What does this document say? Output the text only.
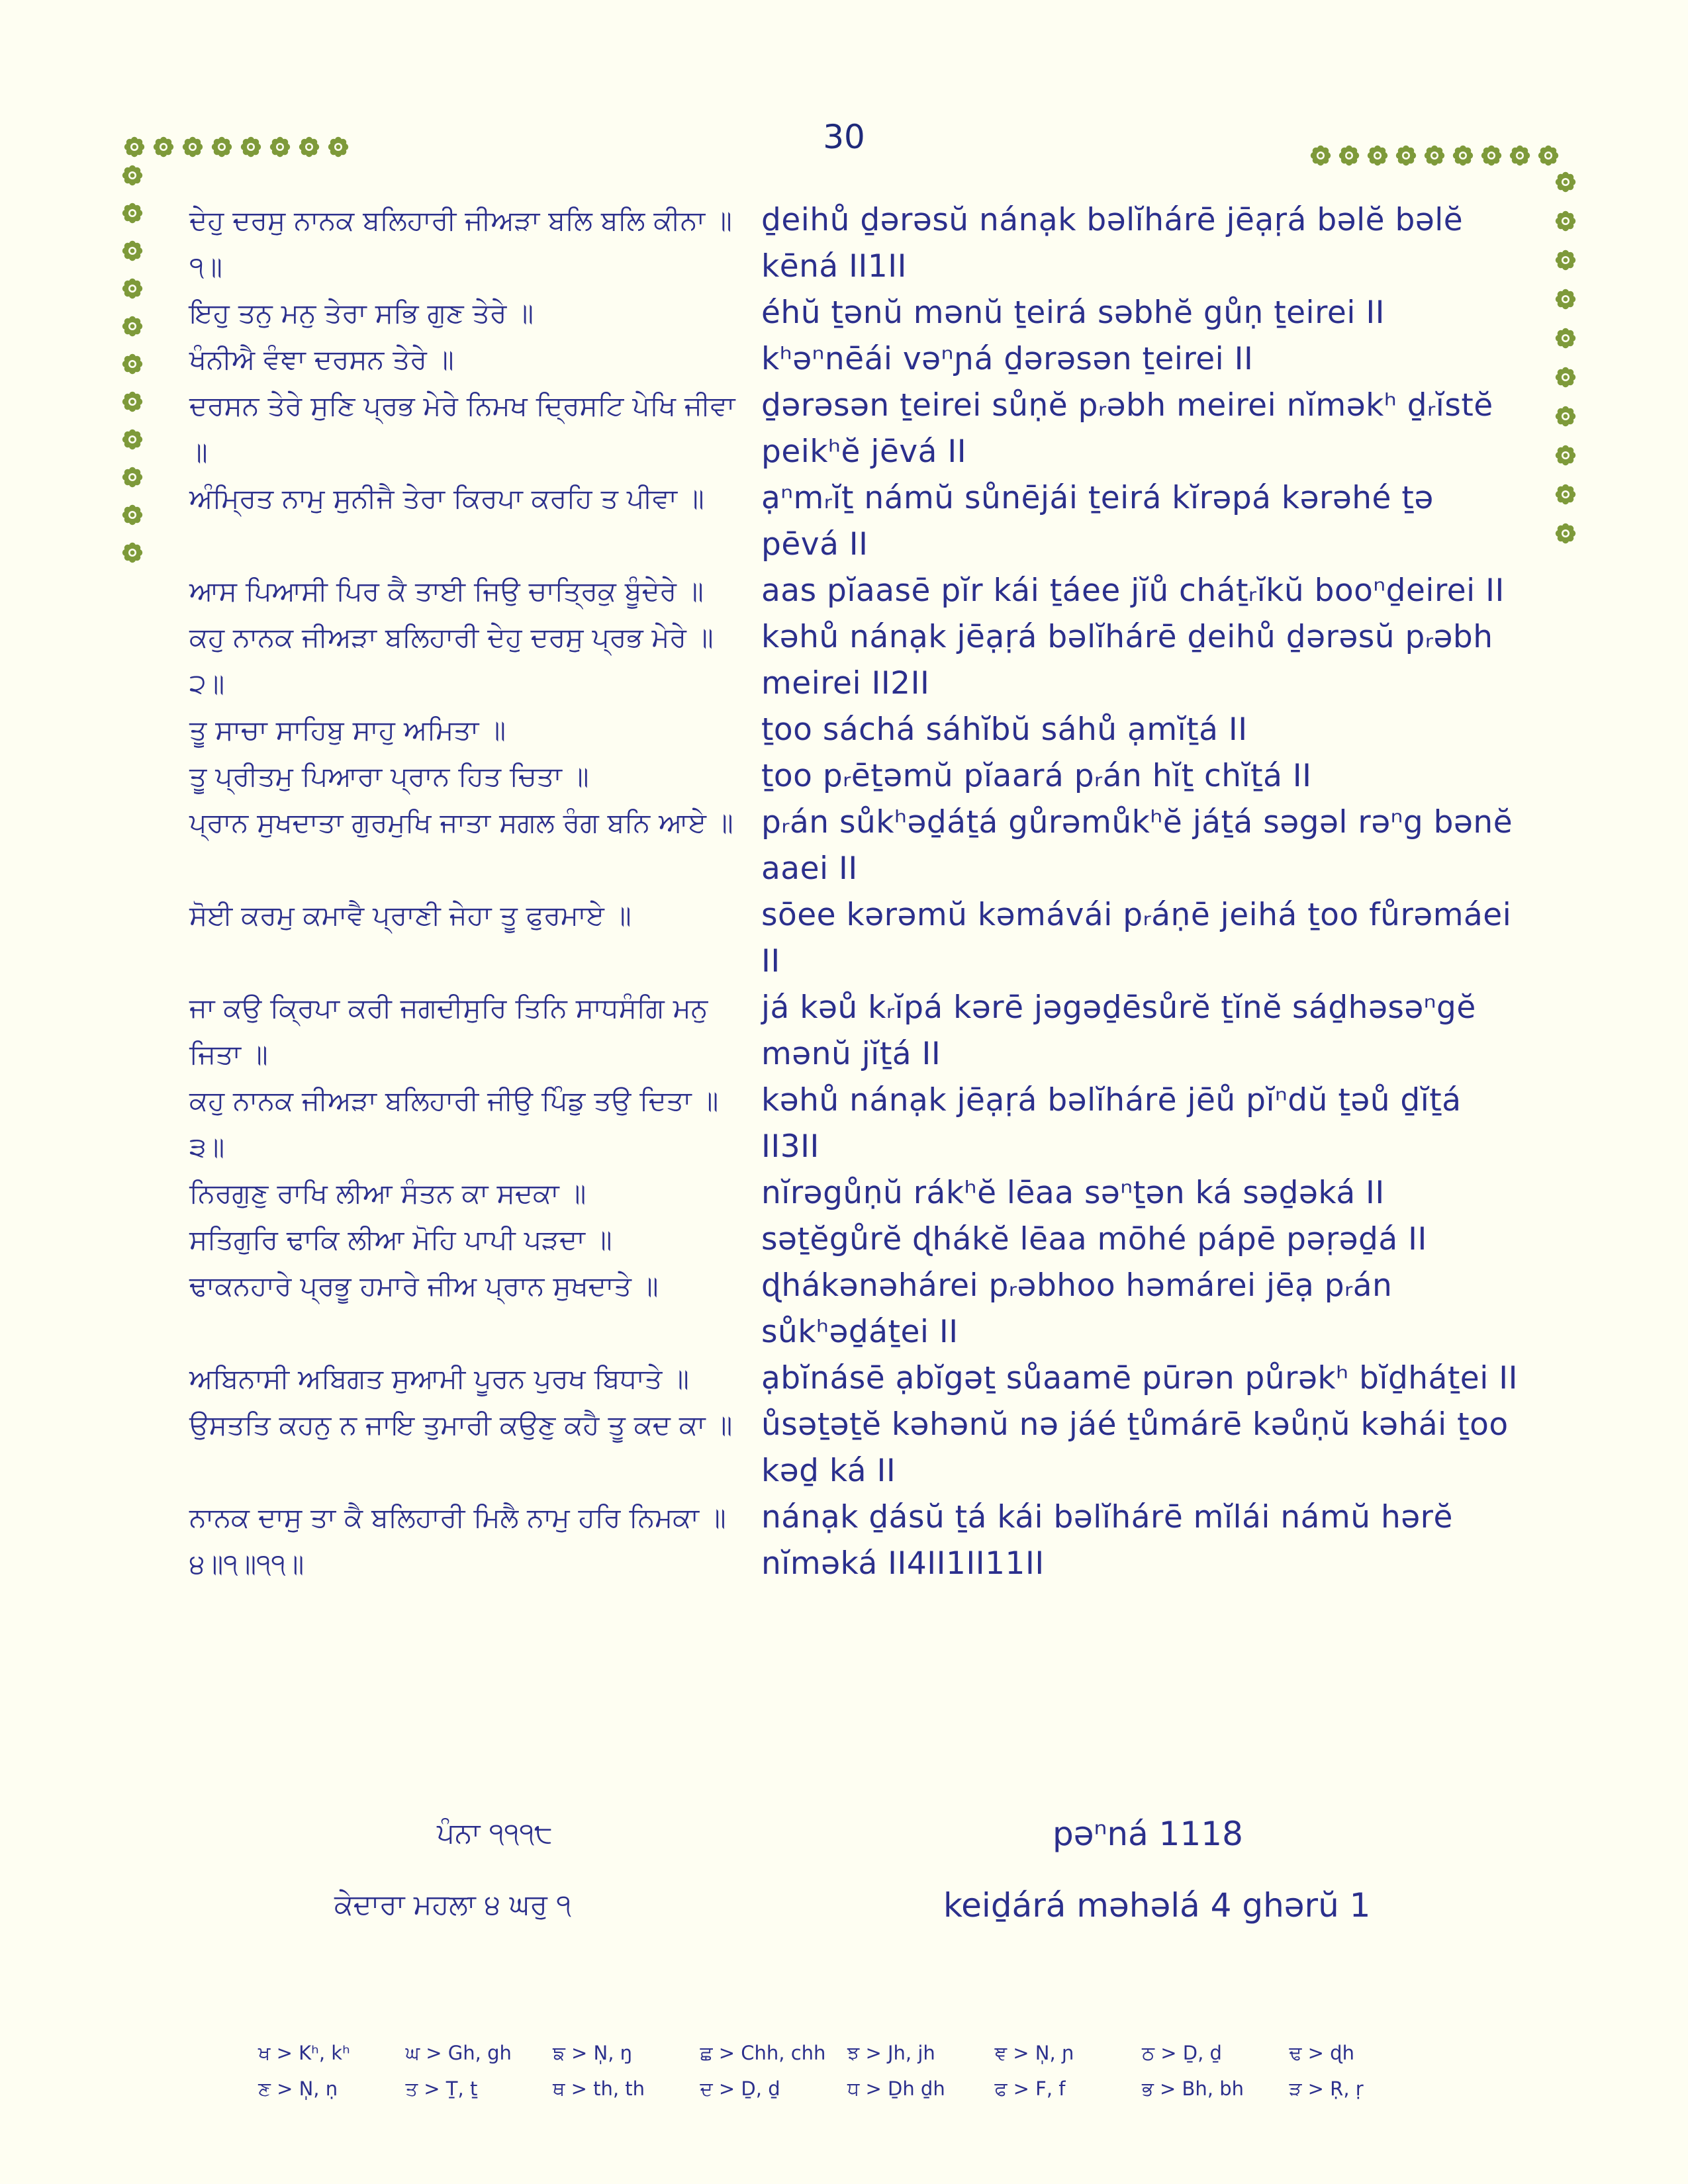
30
ਦੇਹੁ ਦਰਸੁ ਨਾਨਕ ਬਲਿਹਾਰੀ ਜੀਅੜਾ ਬਲਿ ਬਲਿ ਕੀਨਾ ॥੧॥
ḏeihů ḏərəsŭ nánạk bəlĭhárē jēạṛá bəlĕ bəlĕ kēná II1II
ਇਹੁ ਤਨੁ ਮਨੁ ਤੇਰਾ ਸਭਿ ਗੁਣ ਤੇਰੇ ॥	éhŭ ṯənŭ mənŭ ṯeirá səbhĕ gůṇ ṯeirei II
ਖੰਨੀਐ ਵੰਞਾ ਦਰਸਨ ਤੇਰੇ ॥	kʰəⁿnēái vəⁿɲá ḏərəsən ṯeirei II
ਦਰਸਨ ਤੇਰੇ ਸੁਣਿ ਪ੍ਰਭ ਮੇਰੇ ਨਿਮਖ ਦ੍ਰਿਸਟਿ ਪੇਖਿ ਜੀਵਾ ॥
ḏərəsən ṯeirei sůṇĕ pᵣəbh meirei nĭməkʰ ḏᵣĭstĕ peikʰĕ jēvá II
ਅੰਮ੍ਰਿਤ ਨਾਮੁ ਸੁਨੀਜੈ ਤੇਰਾ ਕਿਰਪਾ ਕਰਹਿ ਤ ਪੀਵਾ ॥	ạⁿmᵣĭṯ námŭ sůnējái ṯeirá kĭrəpá kərəhé ṯə pēvá II
ਆਸ ਪਿਆਸੀ ਪਿਰ ਕੈ ਤਾਈ ਜਿਉ ਚਾਤ੍ਰਿਕੁ ਬੂੰਦੇਰੇ ॥	aas pĭaasē pĭr kái ṯáee jĭů cháṯᵣĭkŭ booⁿḏeirei II
ਕਹੁ ਨਾਨਕ ਜੀਅੜਾ ਬਲਿਹਾਰੀ ਦੇਹੁ ਦਰਸੁ ਪ੍ਰਭ ਮੇਰੇ ॥੨॥
kəhů nánạk jēạṛá bəlĭhárē ḏeihů ḏərəsŭ pᵣəbh meirei II2II
ਤੂ ਸਾਚਾ ਸਾਹਿਬੁ ਸਾਹੁ ਅਮਿਤਾ ॥	ṯoo sáchá sáhĭbŭ sáhů ạmĭṯá II
ਤੂ ਪ੍ਰੀਤਮੁ ਪਿਆਰਾ ਪ੍ਰਾਨ ਹਿਤ ਚਿਤਾ ॥	ṯoo pᵣēṯəmŭ pĭaará pᵣán hĭṯ chĭṯá II
ਪ੍ਰਾਨ ਸੁਖਦਾਤਾ ਗੁਰਮੁਖਿ ਜਾਤਾ ਸਗਲ ਰੰਗ ਬਨਿ ਆਏ ॥ pᵣán sůkʰəḏáṯá gůrəmůkʰĕ jáṯá səgəl rəⁿg bənĕ aaei II
ਸੋਈ ਕਰਮੁ ਕਮਾਵੈ ਪ੍ਰਾਣੀ ਜੇਹਾ ਤੂ ਫੁਰਮਾਏ ॥	sōee kərəmŭ kəmávái pᵣáṇē jeihá ṯoo fůrəmáei II
ਜਾ ਕਉ ਕ੍ਰਿਪਾ ਕਰੀ ਜਗਦੀਸੁਰਿ ਤਿਨਿ ਸਾਧਸੰਗਿ ਮਨੁ ਜਿਤਾ ॥
já kəů kᵣĭpá kərē jəgəḏēsůrĕ ṯĭnĕ sáḏhəsəⁿgĕ mənŭ jĭṯá II
ਕਹੁ ਨਾਨਕ ਜੀਅੜਾ ਬਲਿਹਾਰੀ ਜੀਉ ਪਿੰਡੁ ਤਉ ਦਿਤਾ ॥੩॥
kəhů nánạk jēạṛá bəlĭhárē jēů pĭⁿdŭ ṯəů ḏĭṯá II3II
ਨਿਰਗੁਣੁ ਰਾਖਿ ਲੀਆ ਸੰਤਨ ਕਾ ਸਦਕਾ ॥	nĭrəgůṇŭ rákʰĕ lēaa səⁿṯən ká səḏəká II
ਸਤਿਗੁਰਿ ਢਾਕਿ ਲੀਆ ਮੋਹਿ ਪਾਪੀ ਪੜਦਾ ॥	səṯĕgůrĕ ɖhákĕ lēaa mōhé pápē pəṛəḏá II
ਢਾਕਨਹਾਰੇ ਪ੍ਰਭੂ ਹਮਾਰੇ ਜੀਅ ਪ੍ਰਾਨ ਸੁਖਦਾਤੇ ॥	ɖhákənəhárei pᵣəbhoo həmárei jēạ pᵣán sůkʰəḏáṯei II
ਅਬਿਨਾਸੀ ਅਬਿਗਤ ਸੁਆਮੀ ਪੂਰਨ ਪੁਰਖ ਬਿਧਾਤੇ ॥	ạbĭnásē ạbĭgəṯ sůaamē pūrən půrəkʰ bĭḏháṯei II
ਉਸਤਤਿ ਕਹਨੁ ਨ ਜਾਇ ਤੁਮਾਰੀ ਕਉਣੁ ਕਹੈ ਤੂ ਕਦ ਕਾ ॥ ůsəṯəṯĕ kəhənŭ nə jáé ṯůmárē kəůṇŭ kəhái ṯoo kəḏ ká II
ਨਾਨਕ ਦਾਸੁ ਤਾ ਕੈ ਬਲਿਹਾਰੀ ਮਿਲੈ ਨਾਮੁ ਹਰਿ ਨਿਮਕਾ ॥੪॥੧॥੧੧॥
nánạk ḏásŭ ṯá kái bəlĭhárē mĭlái námŭ hərĕ nĭməká II4II1II11II
ਪੰਨਾ ੧੧੧੮	pəⁿná 1118
ਕੇਦਾਰਾ ਮਹਲਾ ੪ ਘਰੁ ੧	keiḏárá məhəlá 4 ghərŭ 1
ਖ > Kʰ, kʰ	ਘ > Gh, gh	ਙ > N̩, ŋ	ਛ > Chh, chh	ਝ > Jh, jh	ਞ > N̩, ɲ	ਠ > Ḏ, ḏ	ਢ > ɖh
ਣ > N̩, ṇ	ਤ > Ṯ, ṯ	ਥ > th, th	ਦ > Ḏ, ḏ	ਧ > Ḏh ḏh	ਫ > F, f	ਭ > Bh, bh	ੜ > Ṛ, ṛ
